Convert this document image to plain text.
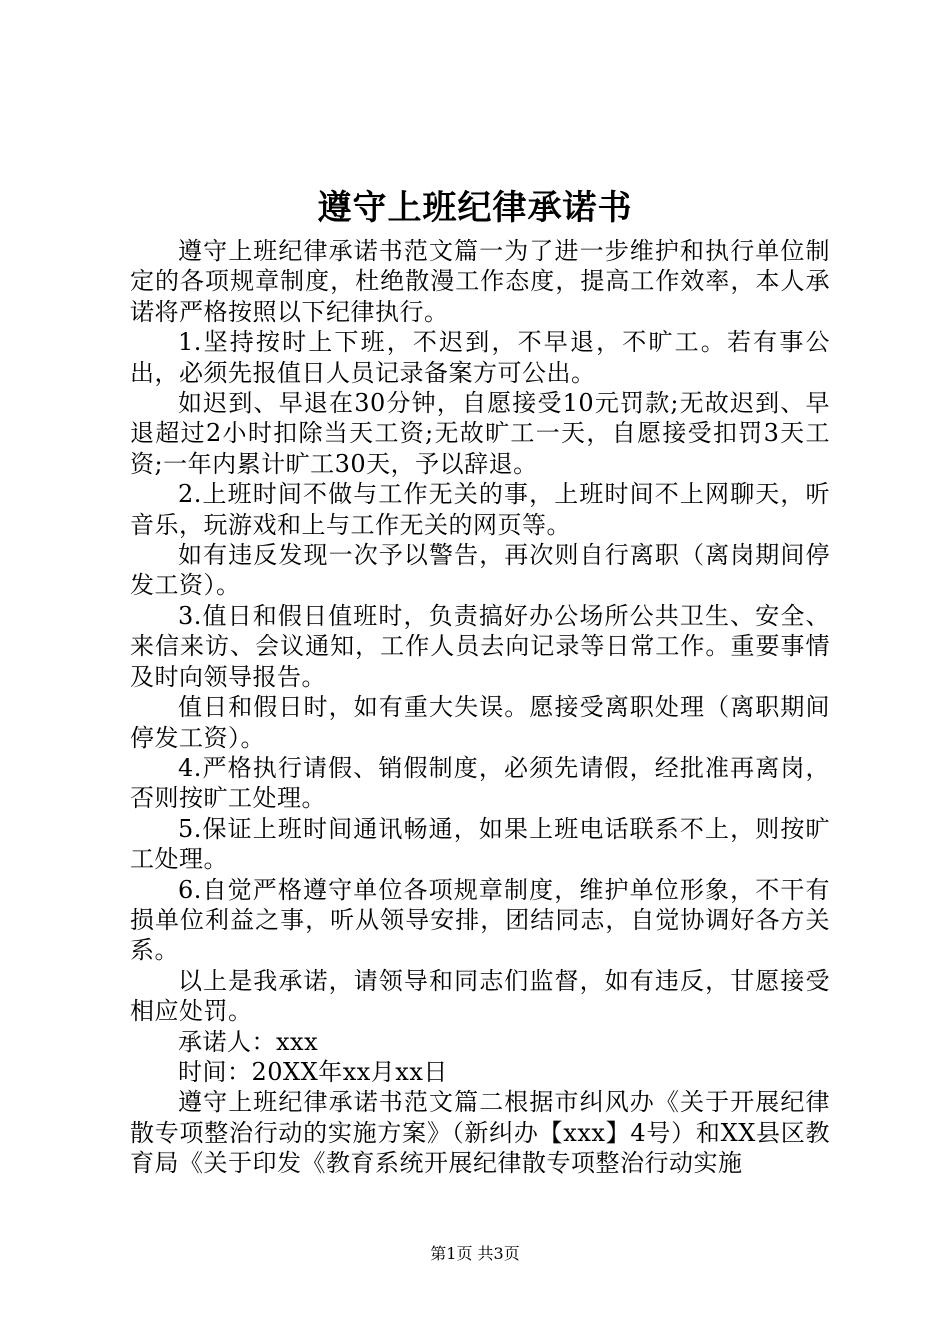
遵守上班纪律承诺书

遵守上班纪律承诺书范文篇一为了进一步维护和执行单位制定的各项规章制度，杜绝散漫工作态度，提高工作效率，本人承诺将严格按照以下纪律执行。

1.坚持按时上下班，不迟到，不早退，不旷工。若有事公出，必须先报值日人员记录备案方可公出。

如迟到、早退在30分钟，自愿接受10元罚款;无故迟到、早退超过2小时扣除当天工资;无故旷工一天，自愿接受扣罚3天工资;一年内累计旷工30天，予以辞退。

2.上班时间不做与工作无关的事，上班时间不上网聊天，听音乐，玩游戏和上与工作无关的网页等。

如有违反发现一次予以警告，再次则自行离职（离岗期间停发工资）。

3.值日和假日值班时，负责搞好办公场所公共卫生、安全、来信来访、会议通知，工作人员去向记录等日常工作。重要事情及时向领导报告。

值日和假日时，如有重大失误。愿接受离职处理（离职期间停发工资）。

4.严格执行请假、销假制度，必须先请假，经批准再离岗，否则按旷工处理。

5.保证上班时间通讯畅通，如果上班电话联系不上，则按旷工处理。

6.自觉严格遵守单位各项规章制度，维护单位形象，不干有损单位利益之事，听从领导安排，团结同志，自觉协调好各方关系。

以上是我承诺，请领导和同志们监督，如有违反，甘愿接受相应处罚。

承诺人：xxx

时间：20XX年xx月xx日

遵守上班纪律承诺书范文篇二根据市纠风办《关于开展纪律散专项整治行动的实施方案》（新纠办【xxx】4号）和XX县区教育局《关于印发《教育系统开展纪律散专项整治行动实施

第1页 共3页
